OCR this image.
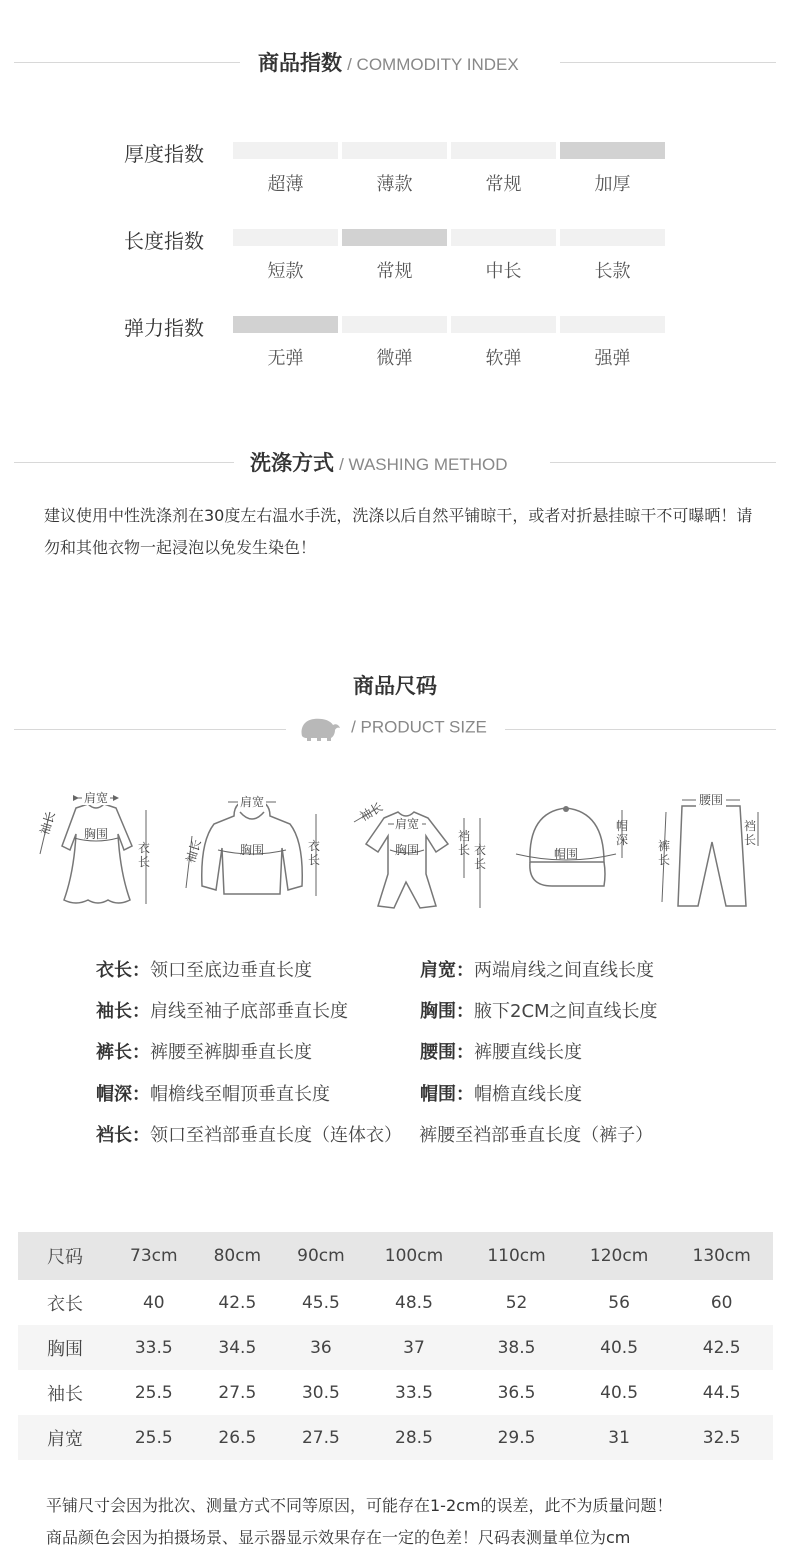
商品指数 / COMMODITY INDEX
厚度指数
超薄	薄款	常规	加厚
长度指数
短款	常规	中长	长款
弹力指数
无弹	微弹	软弹	强弹
洗涤方式 / WASHING METHOD
建议使用中性洗涤剂在30度左右温水手洗，洗涤以后自然平铺晾干，或者对折悬挂晾干不可曝晒！请勿和其他衣物一起浸泡以免发生染色！
商品尺码
/ PRODUCT SIZE
肩宽
胸围
袖长
衣长
肩宽
胸围
袖长	衣长
袖长
肩宽
胸围
裆长 衣长
帽围
帽深
腰围
裤长
裆长
衣长：领口至底边垂直长度	肩宽：两端肩线之间直线长度
袖长：肩线至袖子底部垂直长度	胸围：腋下2CM之间直线长度
裤长：裤腰至裤脚垂直长度	腰围：裤腰直线长度
帽深：帽檐线至帽顶垂直长度	帽围：帽檐直线长度
裆长：领口至裆部垂直长度（连体衣）   裤腰至裆部垂直长度（裤子）
尺码	73cm	80cm	90cm	100cm	110cm	120cm	130cm
衣长	40	42.5	45.5	48.5	52	56	60
胸围	33.5	34.5	36	37	38.5	40.5	42.5
袖长	25.5	27.5	30.5	33.5	36.5	40.5	44.5
肩宽	25.5	26.5	27.5	28.5	29.5	31	32.5
平铺尺寸会因为批次、测量方式不同等原因，可能存在1-2cm的误差，此不为质量问题！
商品颜色会因为拍摄场景、显示器显示效果存在一定的色差！尺码表测量单位为cm
